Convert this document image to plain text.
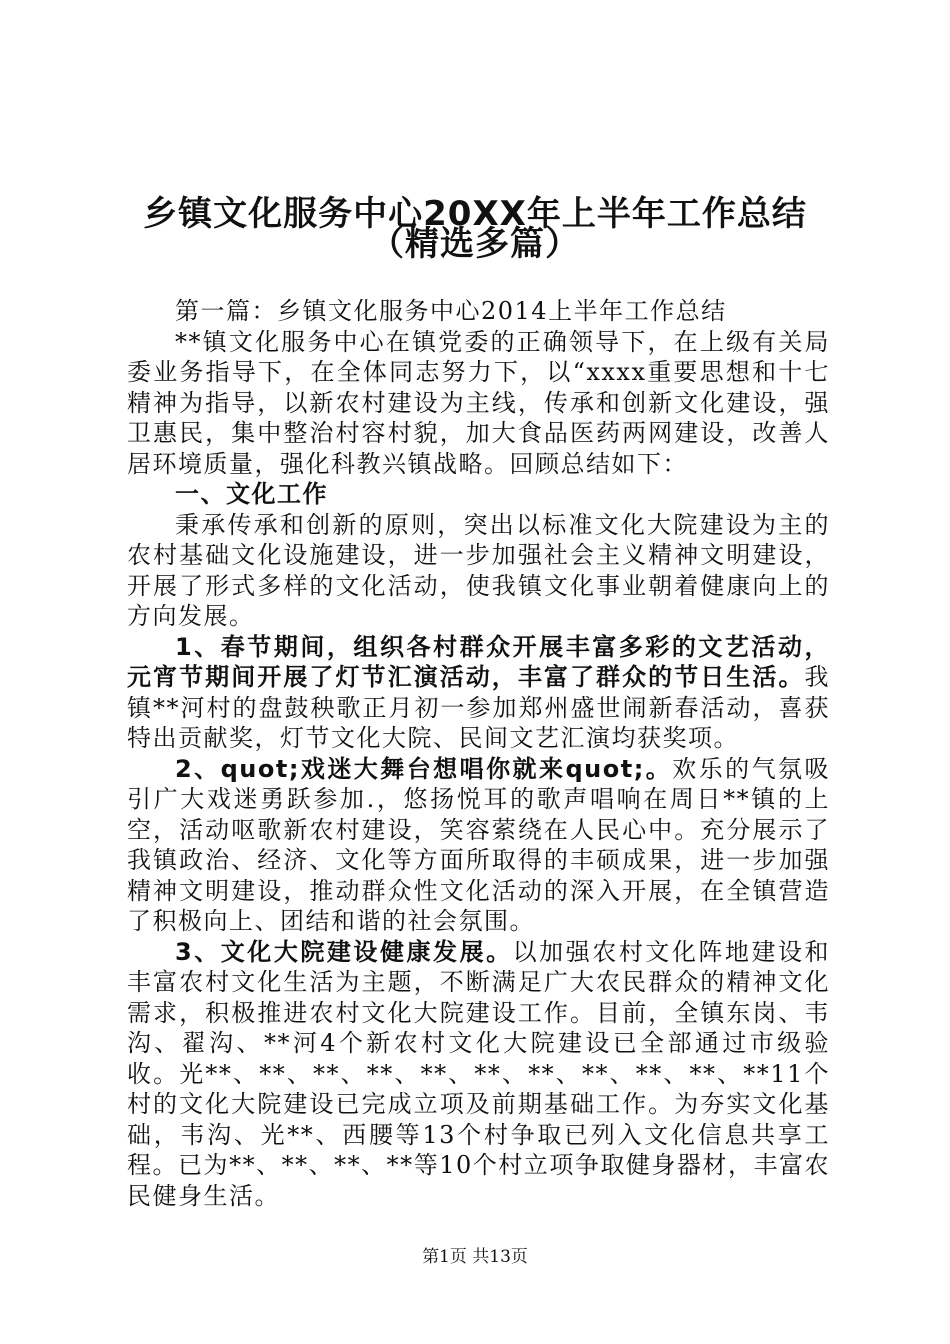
乡镇文化服务中心20XX年上半年工作总结
（精选多篇）

第一篇：乡镇文化服务中心2014上半年工作总结

**镇文化服务中心在镇党委的正确领导下，在上级有关局委业务指导下，在全体同志努力下，以“xxxx重要思想和十七精神为指导，以新农村建设为主线，传承和创新文化建设，强卫惠民，集中整治村容村貌，加大食品医药两网建设，改善人居环境质量，强化科教兴镇战略。回顾总结如下：

一、文化工作

秉承传承和创新的原则，突出以标准文化大院建设为主的农村基础文化设施建设，进一步加强社会主义精神文明建设，开展了形式多样的文化活动，使我镇文化事业朝着健康向上的方向发展。

1、春节期间，组织各村群众开展丰富多彩的文艺活动，元宵节期间开展了灯节汇演活动，丰富了群众的节日生活。我镇**河村的盘鼓秧歌正月初一参加郑州盛世闹新春活动，喜获特出贡献奖，灯节文化大院、民间文艺汇演均获奖项。

2、quot;戏迷大舞台想唱你就来quot;。欢乐的气氛吸引广大戏迷勇跃参加.，悠扬悦耳的歌声唱响在周日**镇的上空，活动呕歌新农村建设，笑容萦绕在人民心中。充分展示了我镇政治、经济、文化等方面所取得的丰硕成果，进一步加强精神文明建设，推动群众性文化活动的深入开展，在全镇营造了积极向上、团结和谐的社会氛围。

3、文化大院建设健康发展。以加强农村文化阵地建设和丰富农村文化生活为主题，不断满足广大农民群众的精神文化需求，积极推进农村文化大院建设工作。目前，全镇东岗、韦沟、翟沟、**河4个新农村文化大院建设已全部通过市级验收。光**、**、**、**、**、**、**、**、**、**、**11个村的文化大院建设已完成立项及前期基础工作。为夯实文化基础，韦沟、光**、西腰等13个村争取已列入文化信息共享工程。已为**、**、**、**等10个村立项争取健身器材，丰富农民健身生活。

第1页 共13页
